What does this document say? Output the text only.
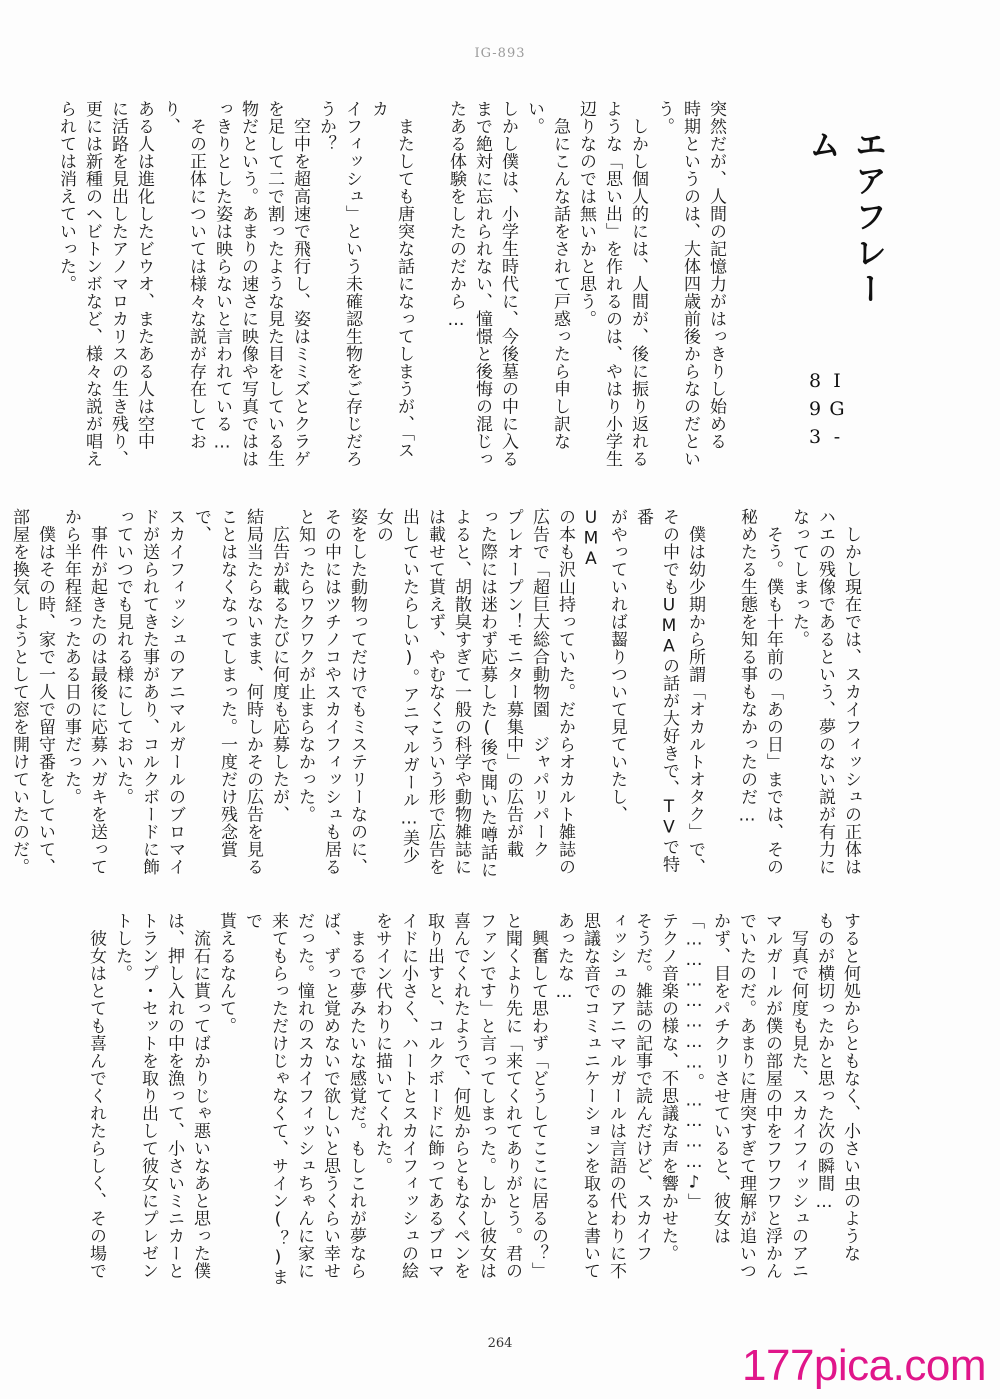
IG-893
エアフレーム
IG-893

突然だが、人間の記憶力がはっきりし始める

時期というのは、大体四歳前後からなのだとい

う。

　しかし個人的には、人間が、後に振り返れる

ような「思い出」を作れるのは、やはり小学生

辺りなのでは無いかと思う。

　急にこんな話をされて戸惑ったら申し訳ない。

しかし僕は、小学生時代に、今後墓の中に入る

まで絶対に忘れられない、憧憬と後悔の混じっ

たある体験をしたのだから…

　またしても唐突な話になってしまうが、「スカ

イフィッシュ」という未確認生物をご存じだろ

うか？

　空中を超高速で飛行し、姿はミミズとクラゲ

を足して二で割ったような見た目をしている生

物だという。あまりの速さに映像や写真ではは

っきりとした姿は映らないと言われている…

　その正体については様々な説が存在しており、

ある人は進化したビウオ、またある人は空中

に活路を見出したアノマロカリスの生き残り、

更には新種のヘビトンボなど、様々な説が唱え

られては消えていった。

　しかし現在では、スカイフィッシュの正体は

ハエの残像であるという、夢のない説が有力に

なってしまった。

　そう。僕も十年前の「あの日」までは、その

秘めたる生態を知る事もなかったのだ…

　僕は幼少期から所謂「オカルトオタク」で、

その中でもUMAの話が大好きで、TVで特番

がやっていれば齧りついて見ていたし、UMA

の本も沢山持っていた。だからオカルト雑誌の

広告で「超巨大総合動物園　ジャパリパーク

プレオープン！モニター募集中」の広告が載

った際には迷わず応募した(後で聞いた噂話に

よると、胡散臭すぎて一般の科学や動物雑誌に

は載せて貰えず、やむなくこういう形で広告を

出していたらしい)。アニマルガール…美少女の

姿をした動物ってだけでもミステリーなのに、

その中にはツチノコやスカイフィッシュも居る

と知ったらワクワクが止まらなかった。

　広告が載るたびに何度も応募したが、

結局当たらないまま、何時しかその広告を見る

ことはなくなってしまった。一度だけ残念賞で、

スカイフィッシュのアニマルガールのブロマイ

ドが送られてきた事があり、コルクボードに飾

っていつでも見れる様にしておいた。

　事件が起きたのは最後に応募ハガキを送って

から半年程経ったある日の事だった。

　僕はその時、家で一人で留守番をしていて、

部屋を換気しようとして窓を開けていたのだ。

すると何処からともなく、小さい虫のような

ものが横切ったかと思った次の瞬間…

　写真で何度も見た、スカイフィッシュのアニ

マルガールが僕の部屋の中をフワフワと浮かん

でいたのだ。あまりに唐突すぎて理解が追いつ

かず、目をパチクリさせていると、彼女は

「…………………。…………♪」

テクノ音楽の様な、不思議な声を響かせた。

そうだ。雑誌の記事で読んだけど、スカイフ

ィッシュのアニマルガールは言語の代わりに不

思議な音でコミュニケーションを取ると書いて

あったな…

　興奮して思わず「どうしてここに居るの？」

と聞くより先に「来てくれてありがとう。君の

ファンです」と言ってしまった。しかし彼女は

喜んでくれたようで、何処からともなくペンを

取り出すと、コルクボードに飾ってあるブロマ

イドに小さく、ハートとスカイフィッシュの絵

をサイン代わりに描いてくれた。

　まるで夢みたいな感覚だ。もしこれが夢なら

ば、ずっと覚めないで欲しいと思うくらい幸せ

だった。憧れのスカイフィッシュちゃんに家に

来てもらっただけじゃなくて、サイン(？)まで

貰えるなんて。

　流石に貰ってばかりじゃ悪いなあと思った僕

は、押し入れの中を漁って、小さいミニカーと

トランプ・セットを取り出して彼女にプレゼン

トした。

　彼女はとても喜んでくれたらしく、その場で

264	177pica.com
